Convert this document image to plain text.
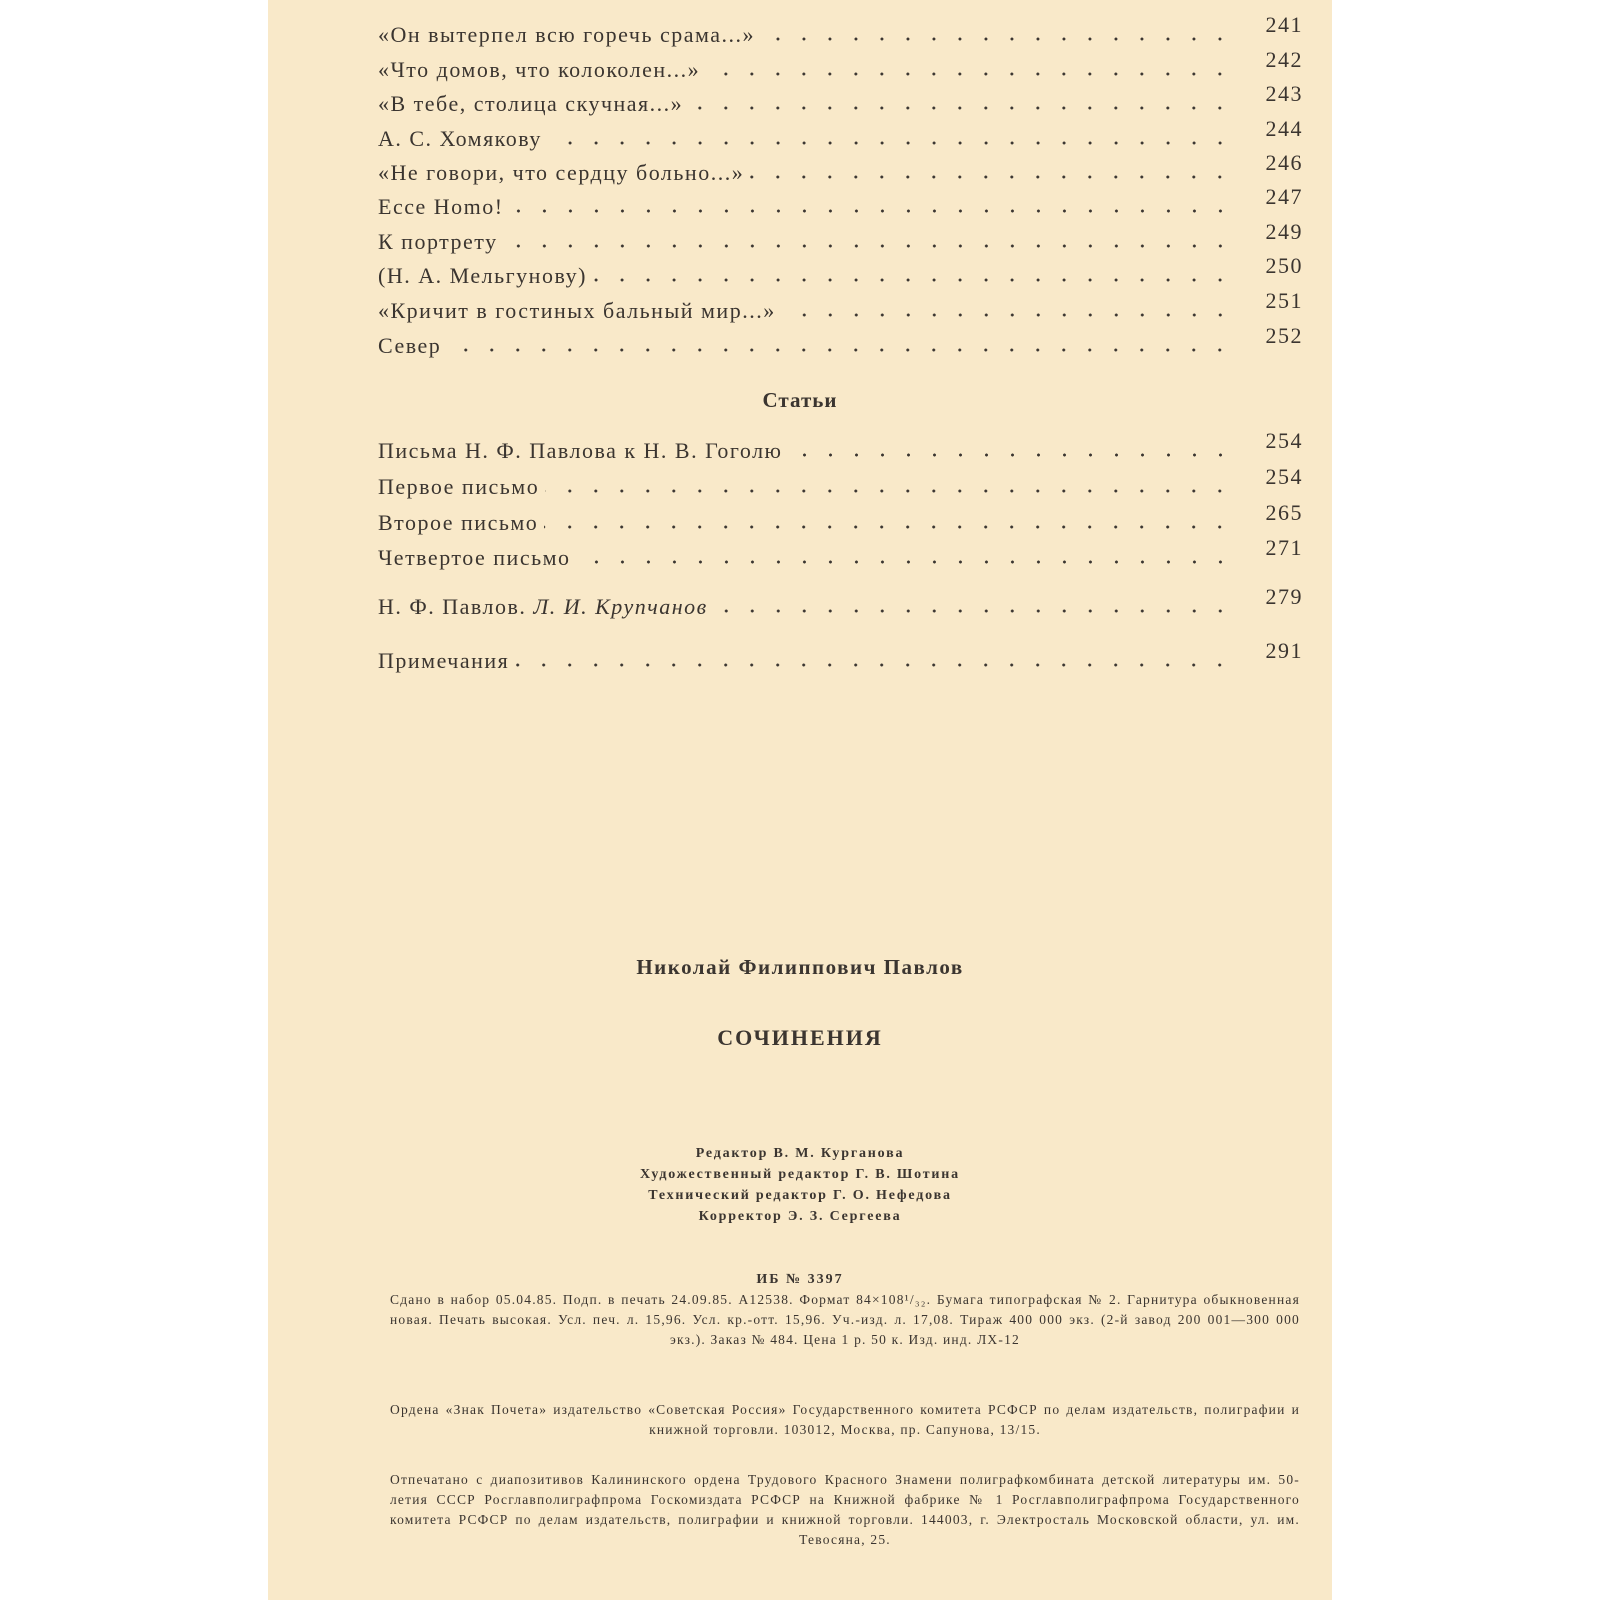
«Он вытерпел всю горечь срама...»	241
«Что домов, что колоколен...»	242
«В тебе, столица скучная...»	243
А. С. Хомякову	244
«Не говори, что сердцу больно...»	246
Ecce Homo!	247
К портрету	249
(Н. А. Мельгунову)	250
«Кричит в гостиных бальный мир...»	251
Север	252
Письма Н. Ф. Павлова к Н. В. Гоголю	254
Первое письмо	254
Второе письмо	265
Четвертое письмо	271
Н. Ф. Павлов. Л. И. Крупчанов	279
Примечания	291
Статьи
Николай Филиппович Павлов
СОЧИНЕНИЯ
Редактор В. М. Курганова
Художественный редактор Г. В. Шотина
Технический редактор Г. О. Нефедова
Корректор Э. З. Сергеева
ИБ № 3397
Сдано в набор 05.04.85. Подп. в печать 24.09.85. А12538. Формат 84×108¹/₃₂. Бумага типографская № 2. Гарнитура обыкновенная новая. Печать высокая. Усл. печ. л. 15,96. Усл. кр.-отт. 15,96. Уч.-изд. л. 17,08. Тираж 400 000 экз. (2-й завод 200 001—300 000 экз.). Заказ № 484. Цена 1 р. 50 к. Изд. инд. ЛХ-12
Ордена «Знак Почета» издательство «Советская Россия» Государственного комитета РСФСР по делам издательств, полиграфии и книжной торговли. 103012, Москва, пр. Сапунова, 13/15.
Отпечатано с диапозитивов Калининского ордена Трудового Красного Знамени полиграфкомбината детской литературы им. 50-летия СССР Росглавполиграфпрома Госкомиздата РСФСР на Книжной фабрике № 1 Росглавполиграфпрома Государственного комитета РСФСР по делам издательств, полиграфии и книжной торговли. 144003, г. Электросталь Московской области, ул. им. Тевосяна, 25.
